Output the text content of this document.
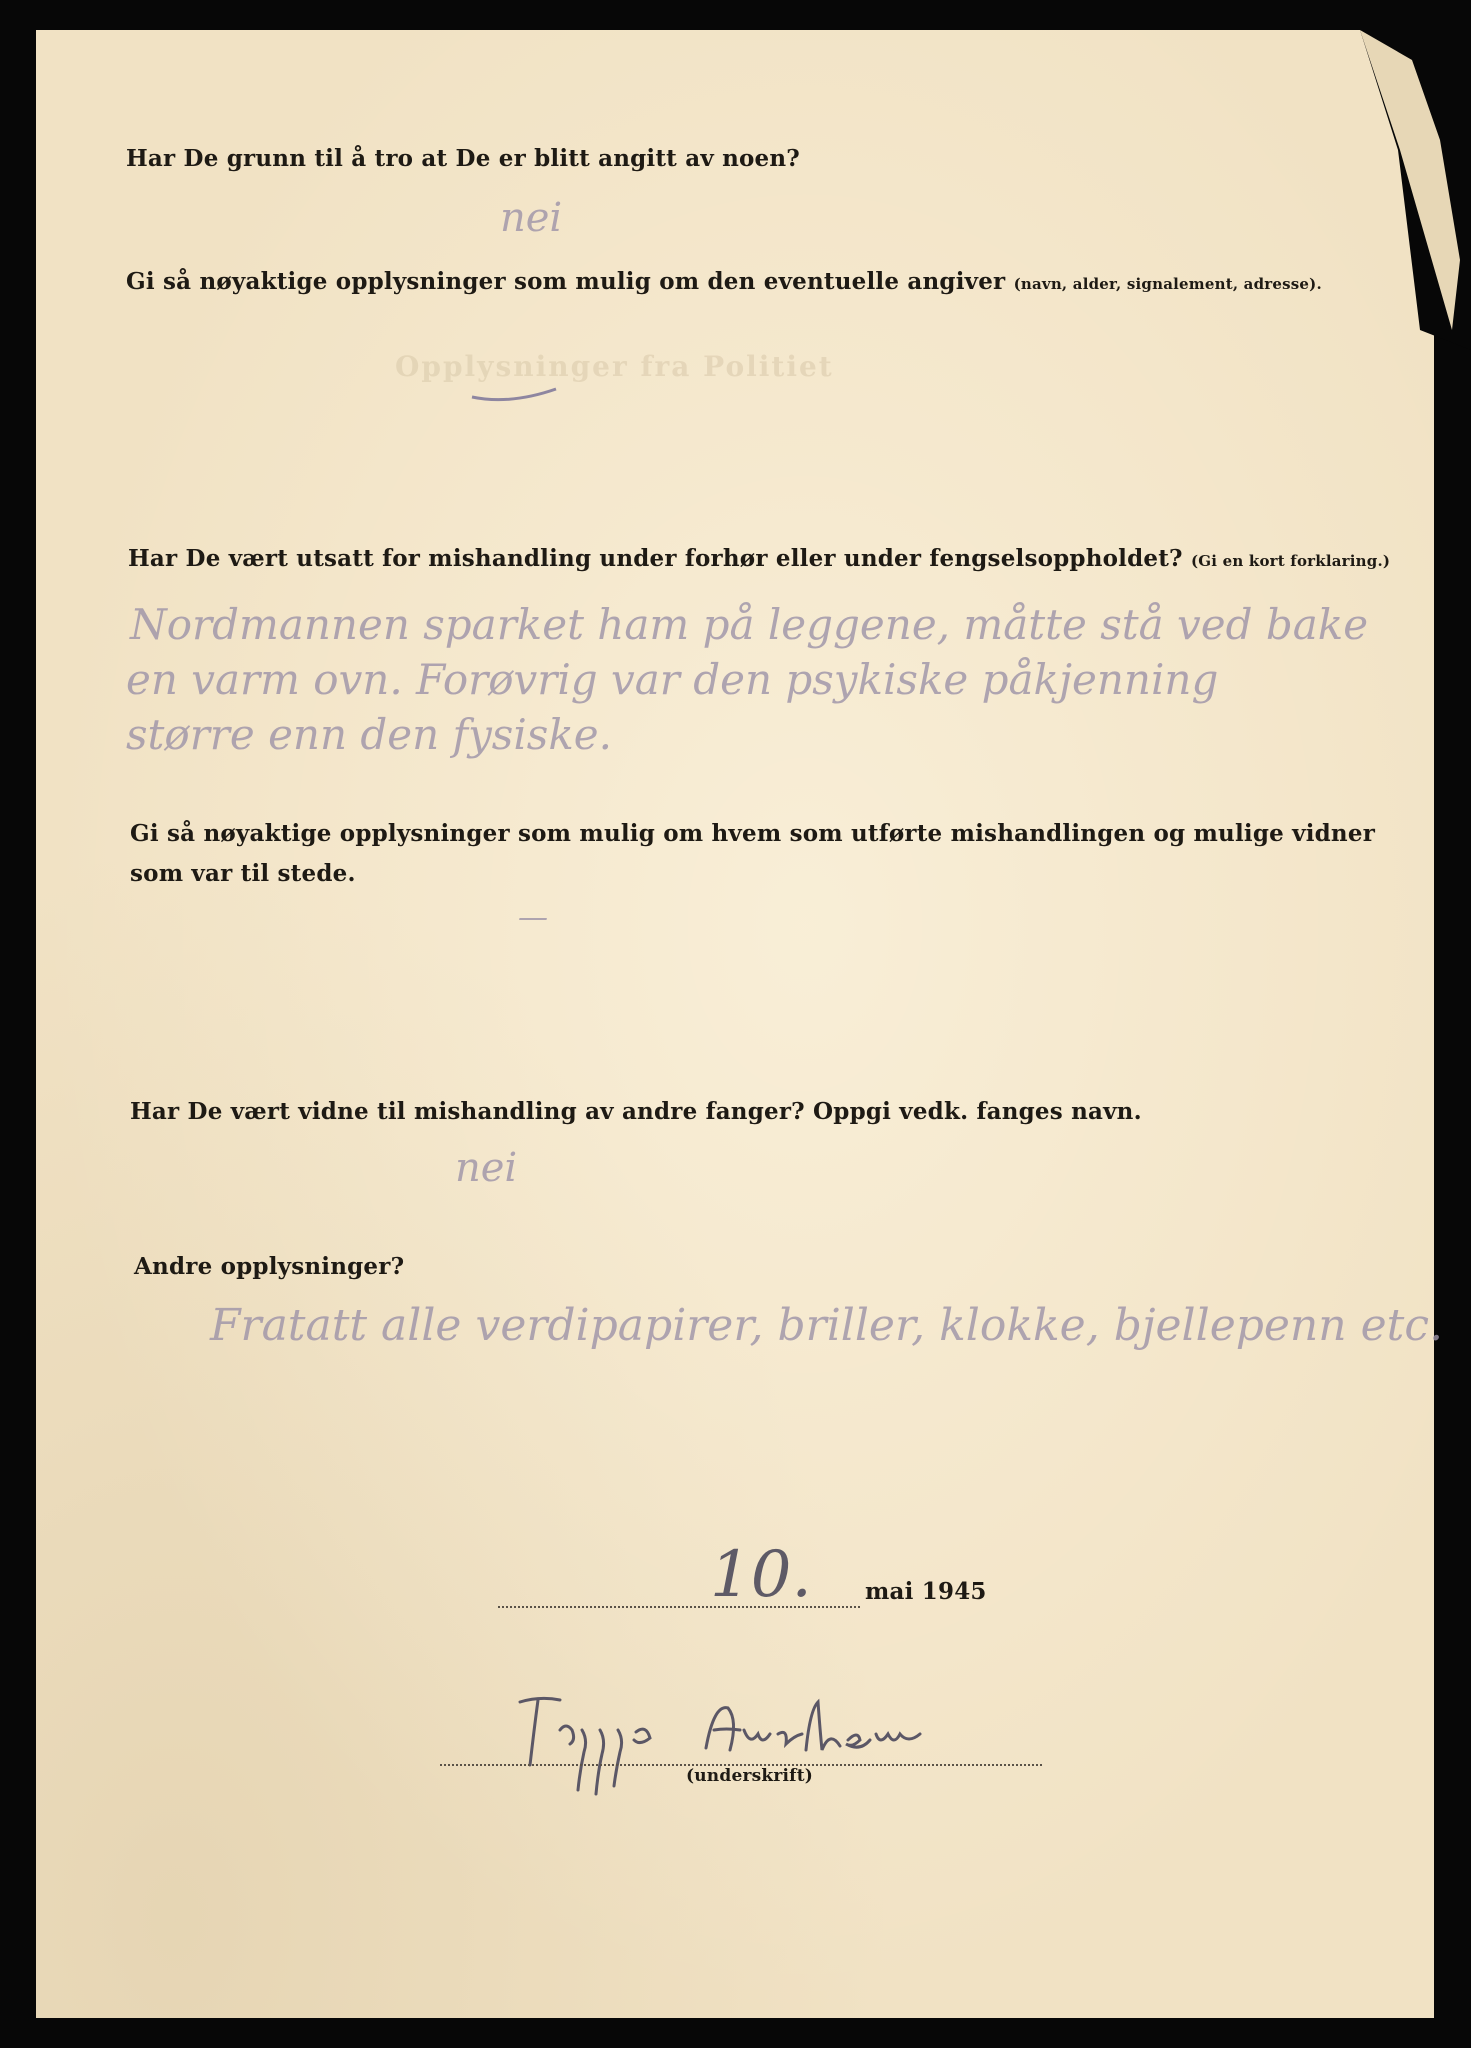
Opplysninger fra Politiet
Har De grunn til å tro at De er blitt angitt av noen?
nei
Gi så nøyaktige opplysninger som mulig om den eventuelle angiver (navn, alder, signalement, adresse).
Har De vært utsatt for mishandling under forhør eller under fengselsoppholdet? (Gi en kort forklaring.)
Nordmannen sparket ham på leggene, måtte stå ved bake
en varm ovn. Forøvrig var den psykiske påkjenning
større enn den fysiske.
Gi så nøyaktige opplysninger som mulig om hvem som utførte mishandlingen og mulige vidner
som var til stede.
—
Har De vært vidne til mishandling av andre fanger? Oppgi vedk. fanges navn.
nei
Andre opplysninger?
Fratatt alle verdipapirer, briller, klokke, bjellepenn etc.
10. mai 1945
(underskrift)
